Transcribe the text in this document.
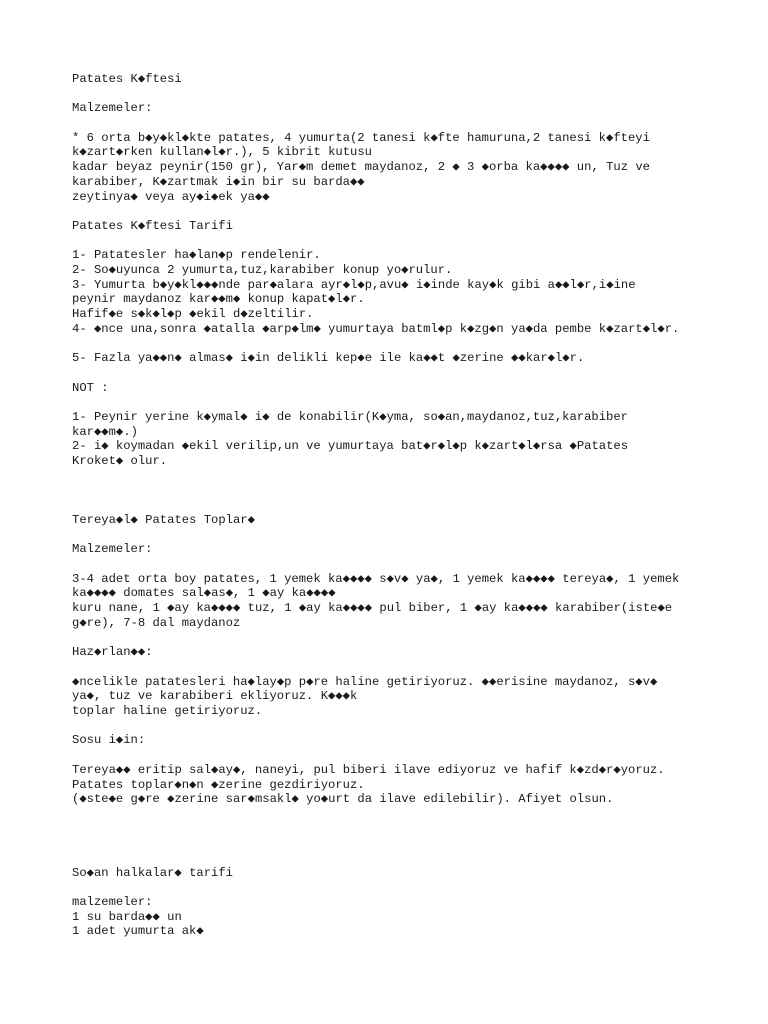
Patates K◆ftesi
Malzemeler:
* 6 orta b◆y◆kl◆kte patates, 4 yumurta(2 tanesi k◆fte hamuruna,2 tanesi k◆fteyi
k◆zart◆rken kullan◆l◆r.), 5 kibrit kutusu
kadar beyaz peynir(150 gr), Yar◆m demet maydanoz, 2 ◆ 3 ◆orba ka◆◆◆◆ un, Tuz ve
karabiber, K◆zartmak i◆in bir su barda◆◆
zeytinya◆ veya ay◆i◆ek ya◆◆
Patates K◆ftesi Tarifi
1- Patatesler ha◆lan◆p rendelenir.
2- So◆uyunca 2 yumurta,tuz,karabiber konup yo◆rulur.
3- Yumurta b◆y◆kl◆◆◆nde par◆alara ayr◆l◆p,avu◆ i◆inde kay◆k gibi a◆◆l◆r,i◆ine
peynir maydanoz kar◆◆m◆ konup kapat◆l◆r.
Hafif◆e s◆k◆l◆p ◆ekil d◆zeltilir.
4- ◆nce una,sonra ◆atalla ◆arp◆lm◆ yumurtaya batml◆p k◆zg◆n ya◆da pembe k◆zart◆l◆r.
5- Fazla ya◆◆n◆ almas◆ i◆in delikli kep◆e ile ka◆◆t ◆zerine ◆◆kar◆l◆r.
NOT :
1- Peynir yerine k◆ymal◆ i◆ de konabilir(K◆yma, so◆an,maydanoz,tuz,karabiber
kar◆◆m◆.)
2- i◆ koymadan ◆ekil verilip,un ve yumurtaya bat◆r◆l◆p k◆zart◆l◆rsa ◆Patates
Kroket◆ olur.
Tereya◆l◆ Patates Toplar◆
Malzemeler:
3-4 adet orta boy patates, 1 yemek ka◆◆◆◆ s◆v◆ ya◆, 1 yemek ka◆◆◆◆ tereya◆, 1 yemek
ka◆◆◆◆ domates sal◆as◆, 1 ◆ay ka◆◆◆◆
kuru nane, 1 ◆ay ka◆◆◆◆ tuz, 1 ◆ay ka◆◆◆◆ pul biber, 1 ◆ay ka◆◆◆◆ karabiber(iste◆e
g◆re), 7-8 dal maydanoz
Haz◆rlan◆◆:
◆ncelikle patatesleri ha◆lay◆p p◆re haline getiriyoruz. ◆◆erisine maydanoz, s◆v◆
ya◆, tuz ve karabiberi ekliyoruz. K◆◆◆k
toplar haline getiriyoruz.
Sosu i◆in:
Tereya◆◆ eritip sal◆ay◆, naneyi, pul biberi ilave ediyoruz ve hafif k◆zd◆r◆yoruz.
Patates toplar◆n◆n ◆zerine gezdiriyoruz.
(◆ste◆e g◆re ◆zerine sar◆msakl◆ yo◆urt da ilave edilebilir). Afiyet olsun.
So◆an halkalar◆ tarifi
malzemeler:
1 su barda◆◆ un
1 adet yumurta ak◆
